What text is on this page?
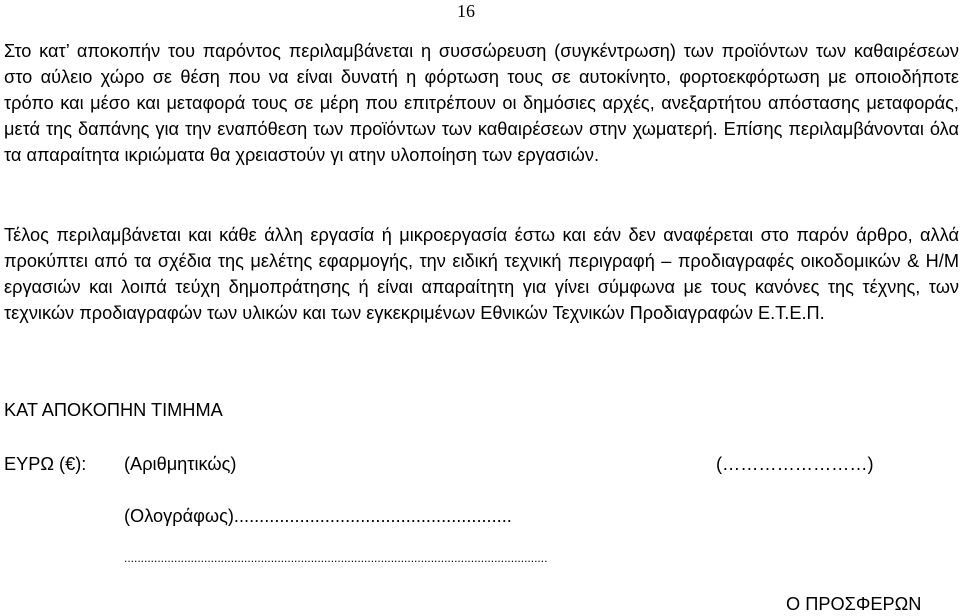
16

Στο κατ’ αποκοπήν του παρόντος περιλαμβάνεται η συσσώρευση (συγκέντρωση) των προϊόντων των καθαιρέσεων στο αύλειο χώρο σε θέση που να είναι δυνατή η φόρτωση τους σε αυτοκίνητο, φορτοεκφόρτωση με οποιοδήποτε τρόπο και μέσο και μεταφορά τους σε μέρη που επιτρέπουν οι δημόσιες αρχές, ανεξαρτήτου απόστασης μεταφοράς, μετά της δαπάνης για την εναπόθεση των προϊόντων των καθαιρέσεων στην χωματερή. Επίσης περιλαμβάνονται όλα τα απαραίτητα ικριώματα θα χρειαστούν γι ατην υλοποίηση των εργασιών.

Τέλος περιλαμβάνεται και κάθε άλλη εργασία ή μικροεργασία έστω και εάν δεν αναφέρεται στο παρόν άρθρο, αλλά προκύπτει από τα σχέδια της μελέτης εφαρμογής, την ειδική τεχνική περιγραφή – προδιαγραφές οικοδομικών & Η/Μ εργασιών και λοιπά τεύχη δημοπράτησης ή είναι απαραίτητη για γίνει σύμφωνα με τους κανόνες της τέχνης, των τεχνικών προδιαγραφών των υλικών και των εγκεκριμένων Εθνικών Τεχνικών Προδιαγραφών Ε.Τ.Ε.Π.

ΚΑΤ ΑΠΟΚΟΠΗΝ ΤΙΜΗΜΑ
ΕΥΡΩ (€): (Αριθμητικώς)	(……………………)
(Ολογράφως).......................................................
...............................................................................................................................
Ο ΠΡΟΣΦΕΡΩΝ
